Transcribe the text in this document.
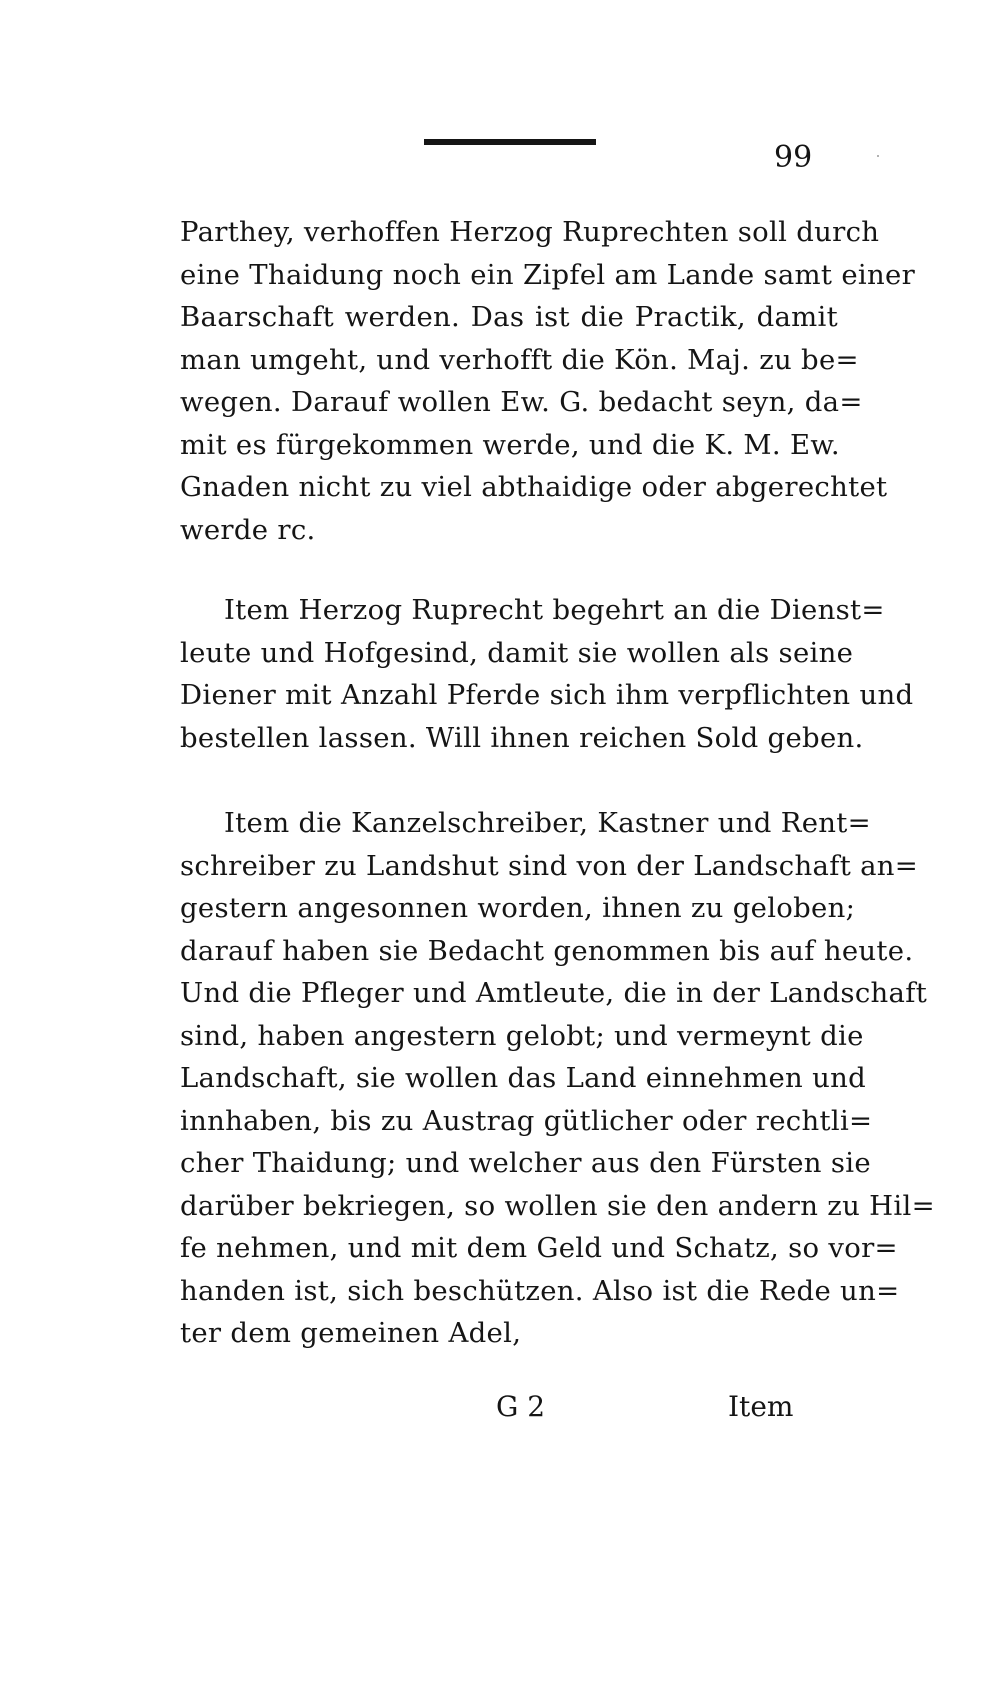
99
Parthey, verhoffen Herzog Ruprechten soll durch
eine Thaidung noch ein Zipfel am Lande samt einer
Baarschaft werden. Das ist die Practik, damit
man umgeht, und verhofft die Kön. Maj. zu be=
wegen. Darauf wollen Ew. G. bedacht seyn, da=
mit es fürgekommen werde, und die K. M. Ew.
Gnaden nicht zu viel abthaidige oder abgerechtet
werde rc.
Item Herzog Ruprecht begehrt an die Dienst=
leute und Hofgesind, damit sie wollen als seine
Diener mit Anzahl Pferde sich ihm verpflichten und
bestellen lassen. Will ihnen reichen Sold geben.
Item die Kanzelschreiber, Kastner und Rent=
schreiber zu Landshut sind von der Landschaft an=
gestern angesonnen worden, ihnen zu geloben;
darauf haben sie Bedacht genommen bis auf heute.
Und die Pfleger und Amtleute, die in der Landschaft
sind, haben angestern gelobt; und vermeynt die
Landschaft, sie wollen das Land einnehmen und
innhaben, bis zu Austrag gütlicher oder rechtli=
cher Thaidung; und welcher aus den Fürsten sie
darüber bekriegen, so wollen sie den andern zu Hil=
fe nehmen, und mit dem Geld und Schatz, so vor=
handen ist, sich beschützen. Also ist die Rede un=
ter dem gemeinen Adel,
G 2	Item
